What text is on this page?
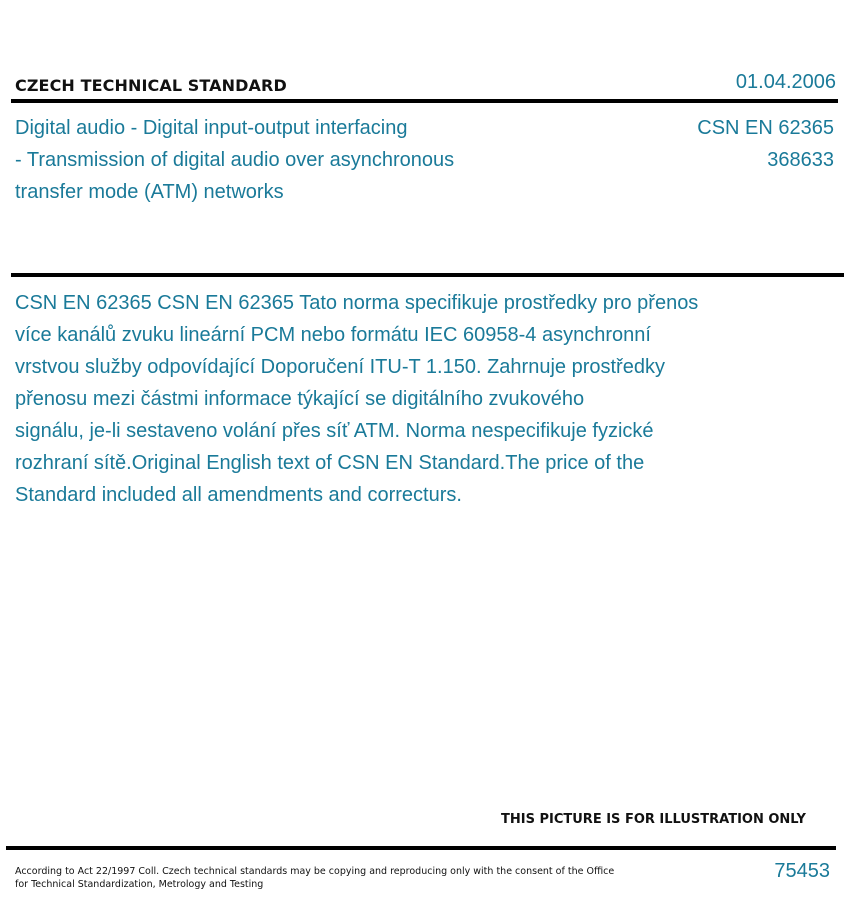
CZECH TECHNICAL STANDARD	01.04.2006
Digital audio - Digital input-output interfacing
- Transmission of digital audio over asynchronous
transfer mode (ATM) networks
CSN EN 62365
368633
CSN EN 62365 CSN EN 62365 Tato norma specifikuje prostředky pro přenos
více kanálů zvuku lineární PCM nebo formátu IEC 60958-4 asynchronní
vrstvou služby odpovídající Doporučení ITU-T 1.150. Zahrnuje prostředky
přenosu mezi částmi informace týkající se digitálního zvukového
signálu, je-li sestaveno volání přes síť ATM. Norma nespecifikuje fyzické
rozhraní sítě.Original English text of CSN EN Standard.The price of the
Standard included all amendments and correcturs.
THIS PICTURE IS FOR ILLUSTRATION ONLY
According to Act 22/1997 Coll. Czech technical standards may be copying and reproducing only with the consent of the Office
for Technical Standardization, Metrology and Testing
75453
